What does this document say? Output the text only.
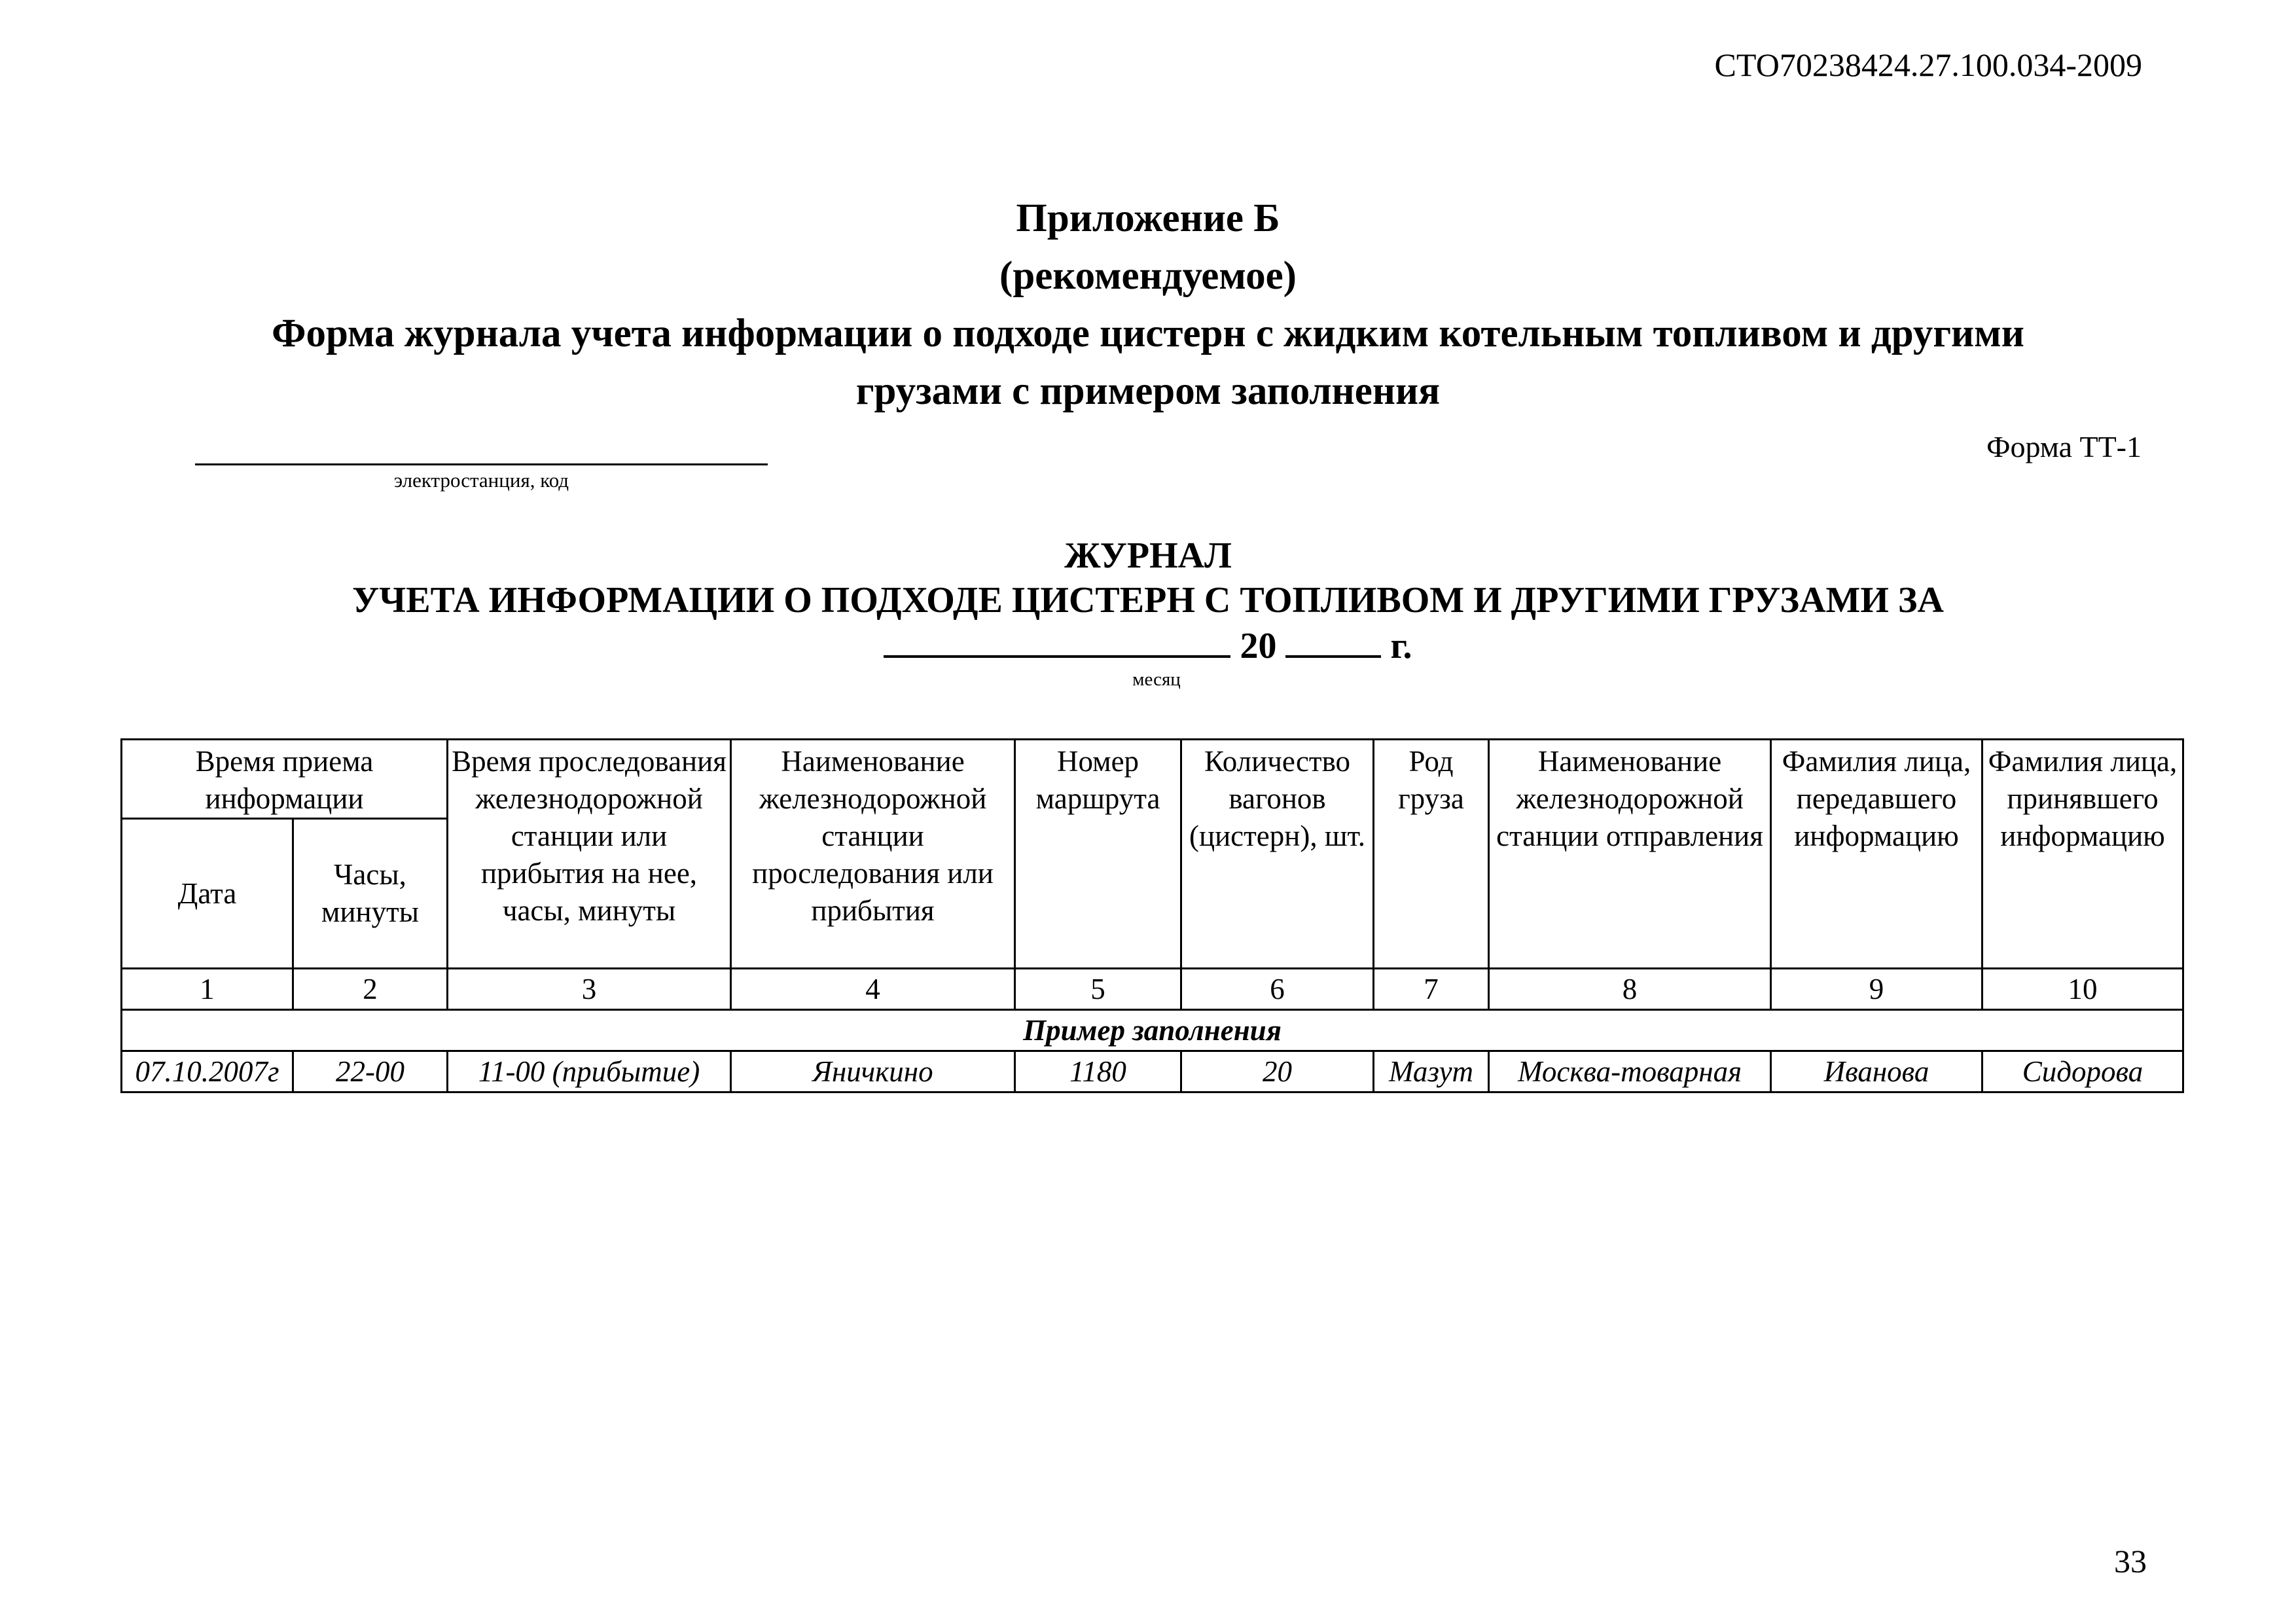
СТО70238424.27.100.034-2009
Приложение Б
(рекомендуемое)
Форма журнала учета информации о подходе цистерн с жидким котельным топливом и другими
грузами с примером заполнения
электростанция, код
Форма ТТ-1
ЖУРНАЛ
УЧЕТА ИНФОРМАЦИИ О ПОДХОДЕ ЦИСТЕРН С ТОПЛИВОМ И ДРУГИМИ ГРУЗАМИ ЗА
20	г.
месяц
Время приема информации		Время проследования железнодорожной станции или прибытия на нее, часы, минуты	Наименование железнодорожной станции проследования или прибытия	Номер маршрута	Количество вагонов (цистерн), шт.	Род груза	Наименование железнодорожной станции отправления	Фамилия лица, передавшего информацию	Фамилия лица, принявшего информацию
Дата	Часы, минуты								
1	2	3	4	5	6	7	8	9	10
Пример заполнения									
07.10.2007г	22-00	11-00 (прибытие)	Яничкино	1180	20	Мазут	Москва-товарная	Иванова	Сидорова
33
